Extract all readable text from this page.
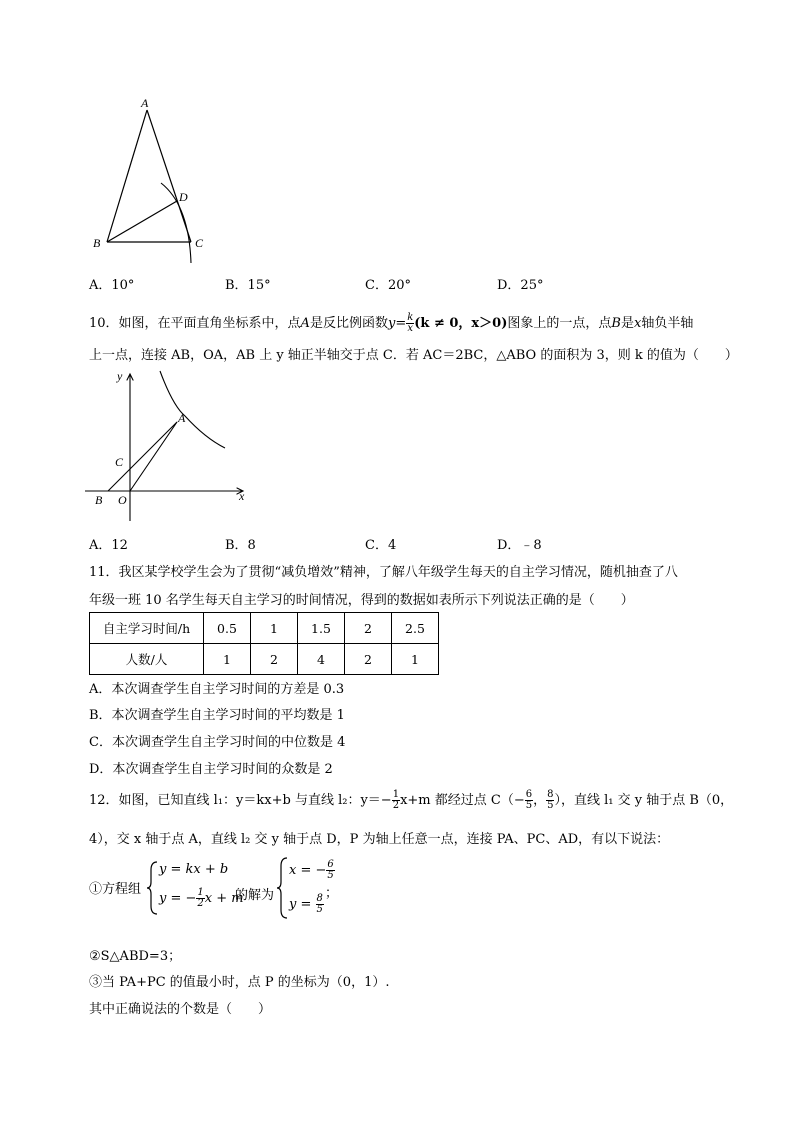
A
B	C
D
A．10°	B．15°	C．20°	D．25°
10．如图，在平面直角坐标系中，点A是反比例函数$y= \frac{k}{x} (k \ne 0$，x＞0)图象上的一点，点B是x轴负半轴
上一点，连接 AB，OA，AB 上 y 轴正半轴交于点 C．若 AC＝2BC，△ABO 的面积为 3，则 k 的值为（　　）
y
x
A
C
B O
A．12	B．8	C．4	D．﹣8
11．我区某学校学生会为了贯彻“减负增效”精神，了解八年级学生每天的自主学习情况，随机抽查了八
年级一班 10 名学生每天自主学习的时间情况，得到的数据如表所示下列说法正确的是（　　）
自主学习时间/h	0.5	1	1.5	2	2.5
人数/人	1	2	4	2	1
A．本次调查学生自主学习时间的方差是 0.3
B．本次调查学生自主学习时间的平均数是 1
C．本次调查学生自主学习时间的中位数是 4
D．本次调查学生自主学习时间的众数是 2
12．如图，已知直线 l₁：y＝kx+b 与直线 l₂：$y=- \frac{1}{2} x+m$ 都经过点 $C(- \frac{6}{5}$ ， $\frac{8}{5}$ ），直线 l₁ 交 y 轴于点 B（0，
4），交 x 轴于点 A，直线 l₂ 交 y 轴于点 D，P 为轴上任意一点，连接 PA、PC、AD，有以下说法：
①方程组
y = kx + b
y = − $\frac{1}{2}$ x + m
的解为
x = − $\frac{6}{5}$
$y = \frac{8}{5}$
；
②S△ABD=3；
③当 PA+PC 的值最小时，点 P 的坐标为（0，1）.
其中正确说法的个数是（　　）
